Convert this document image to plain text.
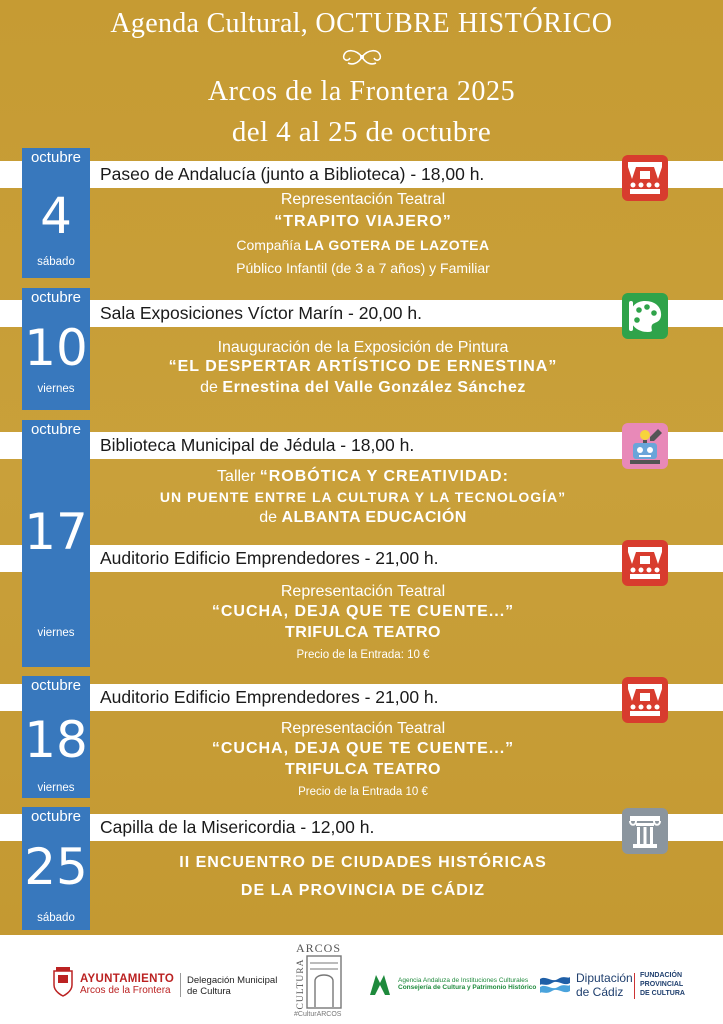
Agenda Cultural, OCTUBRE HISTÓRICO
Arcos de la Frontera 2025
del 4 al 25 de octubre
Paseo de Andalucía (junto a Biblioteca) - 18,00 h.
octubre
4
sábado
Representación Teatral
“TRAPITO VIAJERO”
Compañía LA GOTERA DE LAZOTEA
Público Infantil (de 3 a 7 años) y Familiar
Sala Exposiciones Víctor Marín - 20,00 h.
octubre
10
viernes
Inauguración de la Exposición de Pintura
“EL DESPERTAR ARTÍSTICO DE ERNESTINA”
de Ernestina del Valle González Sánchez
Biblioteca Municipal de Jédula - 18,00 h.
Auditorio Edificio Emprendedores - 21,00 h.
octubre
17
viernes
Taller “ROBÓTICA Y CREATIVIDAD:
UN PUENTE ENTRE LA CULTURA Y LA TECNOLOGÍA”
de ALBANTA EDUCACIÓN
Representación Teatral
“CUCHA, DEJA QUE TE CUENTE...”
TRIFULCA TEATRO
Precio de la Entrada: 10 €
Auditorio Edificio Emprendedores - 21,00 h.
octubre
18
viernes
Representación Teatral
“CUCHA, DEJA QUE TE CUENTE...”
TRIFULCA TEATRO
Precio de la Entrada 10 €
Capilla de la Misericordia - 12,00 h.
octubre
25
sábado
II ENCUENTRO DE CIUDADES HISTÓRICAS
DE LA PROVINCIA DE CÁDIZ
AYUNTAMIENTO
Arcos de la Frontera
Delegación Municipal
de Cultura
ARCOS
CULTURA
#CulturARCOS
Agencia Andaluza de Instituciones Culturales
Consejería de Cultura y Patrimonio Histórico
Diputación
de Cádiz
FUNDACIÓN
PROVINCIAL
DE CULTURA
